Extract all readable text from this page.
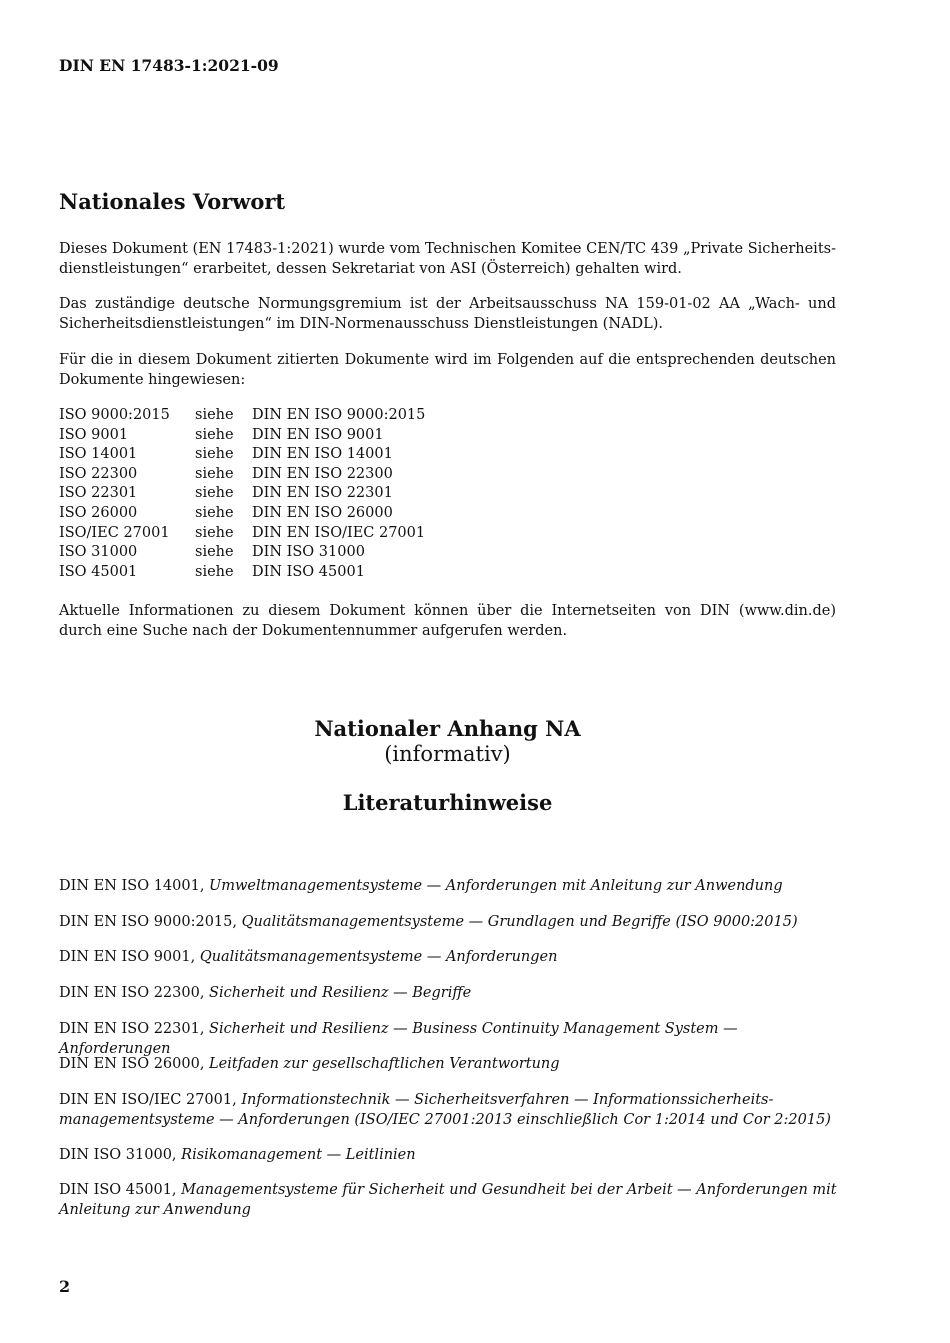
DIN EN 17483-1:2021-09
Nationales Vorwort

Dieses Dokument (EN 17483-1:2021) wurde vom Technischen Komitee CEN/TC 439 „Private Sicherheits-dienstleistungen“ erarbeitet, dessen Sekretariat von ASI (Österreich) gehalten wird.

Das zuständige deutsche Normungsgremium ist der Arbeitsausschuss NA 159-01-02 AA „Wach- und Sicherheitsdienstleistungen“ im DIN-Normenausschuss Dienstleistungen (NADL).

Für die in diesem Dokument zitierten Dokumente wird im Folgenden auf die entsprechenden deutschen Dokumente hingewiesen:

ISO 9000:2015	siehe	DIN EN ISO 9000:2015
ISO 9001	siehe	DIN EN ISO 9001
ISO 14001	siehe	DIN EN ISO 14001
ISO 22300	siehe	DIN EN ISO 22300
ISO 22301	siehe	DIN EN ISO 22301
ISO 26000	siehe	DIN EN ISO 26000
ISO/IEC 27001	siehe	DIN EN ISO/IEC 27001
ISO 31000	siehe	DIN ISO 31000
ISO 45001	siehe	DIN ISO 45001

Aktuelle Informationen zu diesem Dokument können über die Internetseiten von DIN (www.din.de) durch eine Suche nach der Dokumentennummer aufgerufen werden.

Nationaler Anhang NA
(informativ)
Literaturhinweise

DIN EN ISO 14001, Umweltmanagementsysteme — Anforderungen mit Anleitung zur Anwendung

DIN EN ISO 9000:2015, Qualitätsmanagementsysteme — Grundlagen und Begriffe (ISO 9000:2015)

DIN EN ISO 9001, Qualitätsmanagementsysteme — Anforderungen

DIN EN ISO 22300, Sicherheit und Resilienz — Begriffe

DIN EN ISO 22301, Sicherheit und Resilienz — Business Continuity Management System — Anforderungen

DIN EN ISO 26000, Leitfaden zur gesellschaftlichen Verantwortung

DIN EN ISO/IEC 27001, Informationstechnik — Sicherheitsverfahren — Informationssicherheits-managementsysteme — Anforderungen (ISO/IEC 27001:2013 einschließlich Cor 1:2014 und Cor 2:2015)

DIN ISO 31000, Risikomanagement — Leitlinien

DIN ISO 45001, Managementsysteme für Sicherheit und Gesundheit bei der Arbeit — Anforderungen mit Anleitung zur Anwendung

2
